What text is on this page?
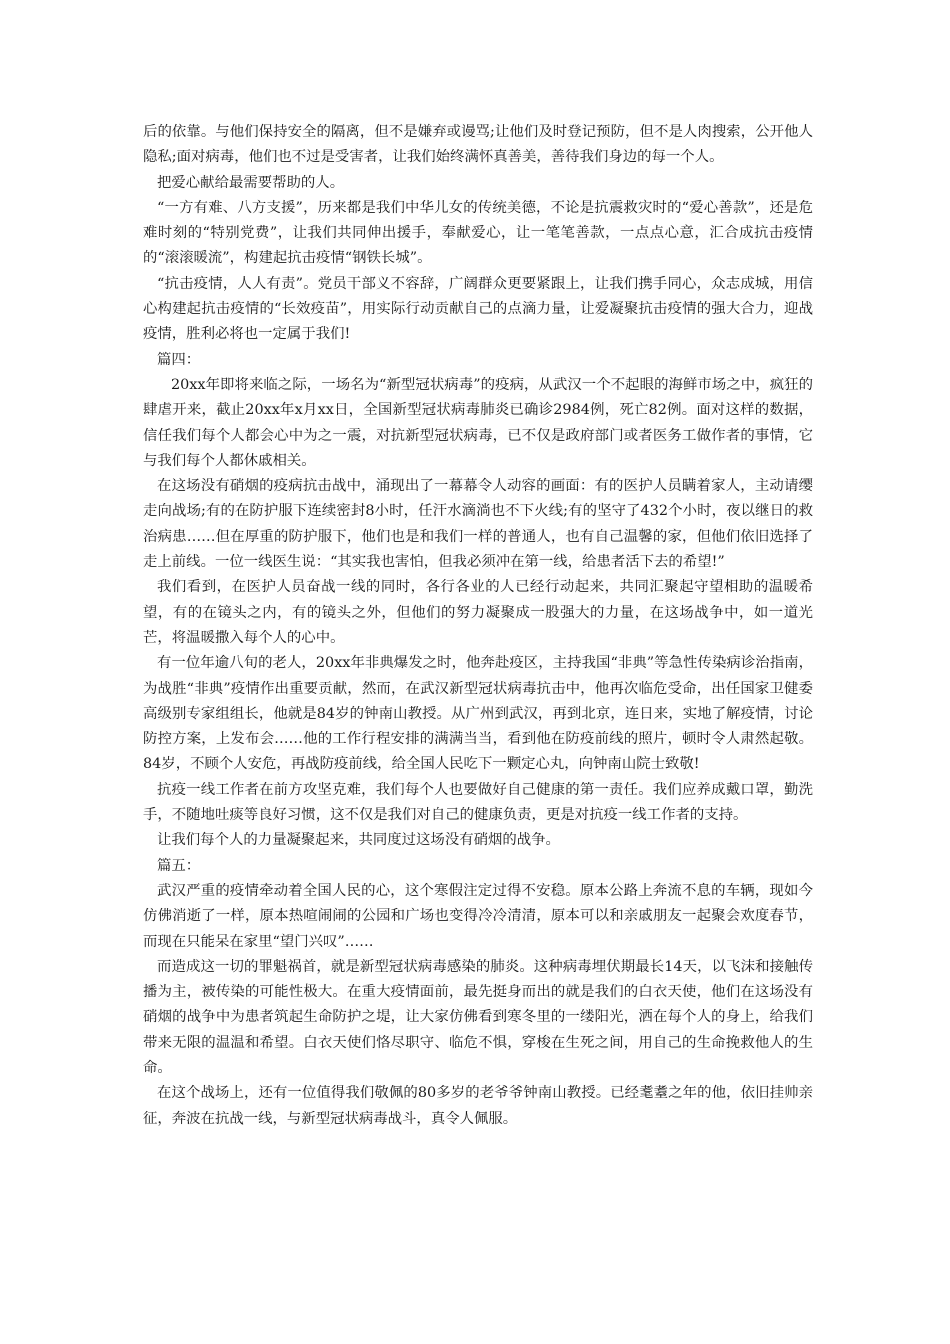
后的依靠。与他们保持安全的隔离，但不是嫌弃或谩骂;让他们及时登记预防，但不是人肉搜索，公开他人隐私;面对病毒，他们也不过是受害者，让我们始终满怀真善美，善待我们身边的每一个人。

把爱心献给最需要帮助的人。

“一方有难、八方支援”，历来都是我们中华儿女的传统美德，不论是抗震救灾时的“爱心善款”，还是危难时刻的“特别党费”，让我们共同伸出援手，奉献爱心，让一笔笔善款，一点点心意，汇合成抗击疫情的“滚滚暖流”，构建起抗击疫情“钢铁长城”。

“抗击疫情，人人有责”。党员干部义不容辞，广阔群众更要紧跟上，让我们携手同心，众志成城，用信心构建起抗击疫情的“长效疫苗”，用实际行动贡献自己的点滴力量，让爱凝聚抗击疫情的强大合力，迎战疫情，胜利必将也一定属于我们!

篇四：

20xx年即将来临之际，一场名为“新型冠状病毒”的疫病，从武汉一个不起眼的海鲜市场之中，疯狂的肆虐开来，截止20xx年x月xx日，全国新型冠状病毒肺炎已确诊2984例，死亡82例。面对这样的数据，信任我们每个人都会心中为之一震，对抗新型冠状病毒，已不仅是政府部门或者医务工做作者的事情，它与我们每个人都休戚相关。

在这场没有硝烟的疫病抗击战中，涌现出了一幕幕令人动容的画面：有的医护人员瞒着家人，主动请缨走向战场;有的在防护服下连续密封8小时，任汗水滴淌也不下火线;有的坚守了432个小时，夜以继日的救治病患……但在厚重的防护服下，他们也是和我们一样的普通人，也有自己温馨的家，但他们依旧选择了走上前线。一位一线医生说：“其实我也害怕，但我必须冲在第一线，给患者活下去的希望!”

我们看到，在医护人员奋战一线的同时，各行各业的人已经行动起来，共同汇聚起守望相助的温暖希望，有的在镜头之内，有的镜头之外，但他们的努力凝聚成一股强大的力量，在这场战争中，如一道光芒，将温暖撒入每个人的心中。

有一位年逾八旬的老人，20xx年非典爆发之时，他奔赴疫区，主持我国“非典”等急性传染病诊治指南，为战胜“非典”疫情作出重要贡献，然而，在武汉新型冠状病毒抗击中，他再次临危受命，出任国家卫健委高级别专家组组长，他就是84岁的钟南山教授。从广州到武汉，再到北京，连日来，实地了解疫情，讨论防控方案，上发布会……他的工作行程安排的满满当当，看到他在防疫前线的照片，顿时令人肃然起敬。84岁，不顾个人安危，再战防疫前线，给全国人民吃下一颗定心丸，向钟南山院士致敬!

抗疫一线工作者在前方攻坚克难，我们每个人也要做好自己健康的第一责任。我们应养成戴口罩，勤洗手，不随地吐痰等良好习惯，这不仅是我们对自己的健康负责，更是对抗疫一线工作者的支持。

让我们每个人的力量凝聚起来，共同度过这场没有硝烟的战争。

篇五：

武汉严重的疫情牵动着全国人民的心，这个寒假注定过得不安稳。原本公路上奔流不息的车辆，现如今仿佛消逝了一样，原本热喧闹闹的公园和广场也变得冷冷清清，原本可以和亲戚朋友一起聚会欢度春节，而现在只能呆在家里“望门兴叹”……

而造成这一切的罪魁祸首，就是新型冠状病毒感染的肺炎。这种病毒埋伏期最长14天，以飞沫和接触传播为主，被传染的可能性极大。在重大疫情面前，最先挺身而出的就是我们的白衣天使，他们在这场没有硝烟的战争中为患者筑起生命防护之堤，让大家仿佛看到寒冬里的一缕阳光，洒在每个人的身上，给我们带来无限的温温和希望。白衣天使们恪尽职守、临危不惧，穿梭在生死之间，用自己的生命挽救他人的生命。

在这个战场上，还有一位值得我们敬佩的80多岁的老爷爷钟南山教授。已经耄耋之年的他，依旧挂帅亲征，奔波在抗战一线，与新型冠状病毒战斗，真令人佩服。
